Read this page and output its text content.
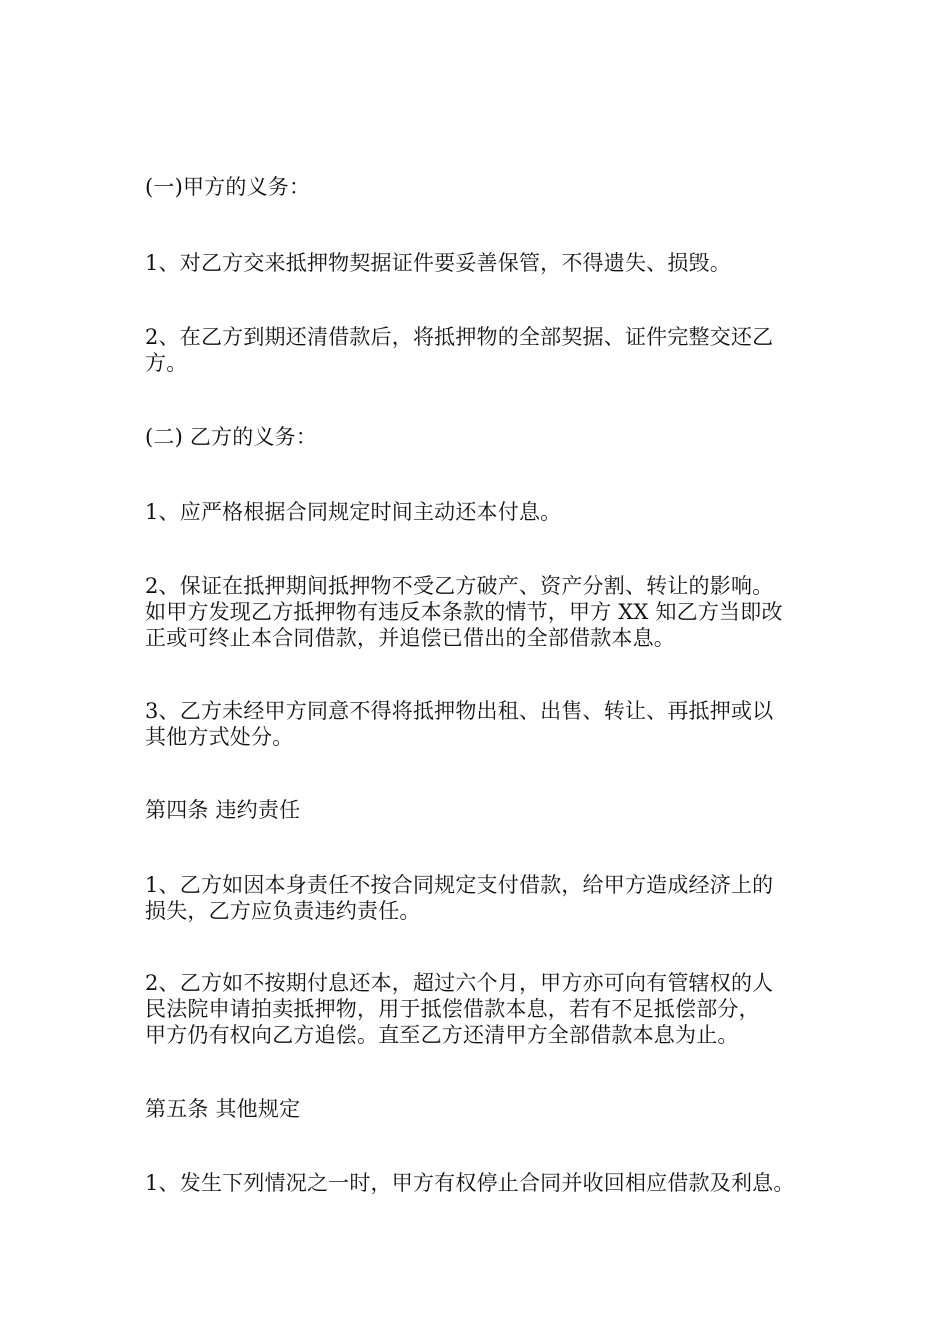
(一)甲方的义务：

1、对乙方交来抵押物契据证件要妥善保管，不得遗失、损毁。

2、在乙方到期还清借款后，将抵押物的全部契据、证件完整交还乙
方。

(二) 乙方的义务：

1、应严格根据合同规定时间主动还本付息。

2、保证在抵押期间抵押物不受乙方破产、资产分割、转让的影响。
如甲方发现乙方抵押物有违反本条款的情节，甲方 XX 知乙方当即改
正或可终止本合同借款，并追偿已借出的全部借款本息。

3、乙方未经甲方同意不得将抵押物出租、出售、转让、再抵押或以
其他方式处分。

第四条 违约责任

1、乙方如因本身责任不按合同规定支付借款，给甲方造成经济上的
损失，乙方应负责违约责任。

2、乙方如不按期付息还本，超过六个月，甲方亦可向有管辖权的人
民法院申请拍卖抵押物，用于抵偿借款本息，若有不足抵偿部分，
甲方仍有权向乙方追偿。直至乙方还清甲方全部借款本息为止。

第五条 其他规定

1、发生下列情况之一时，甲方有权停止合同并收回相应借款及利息。
